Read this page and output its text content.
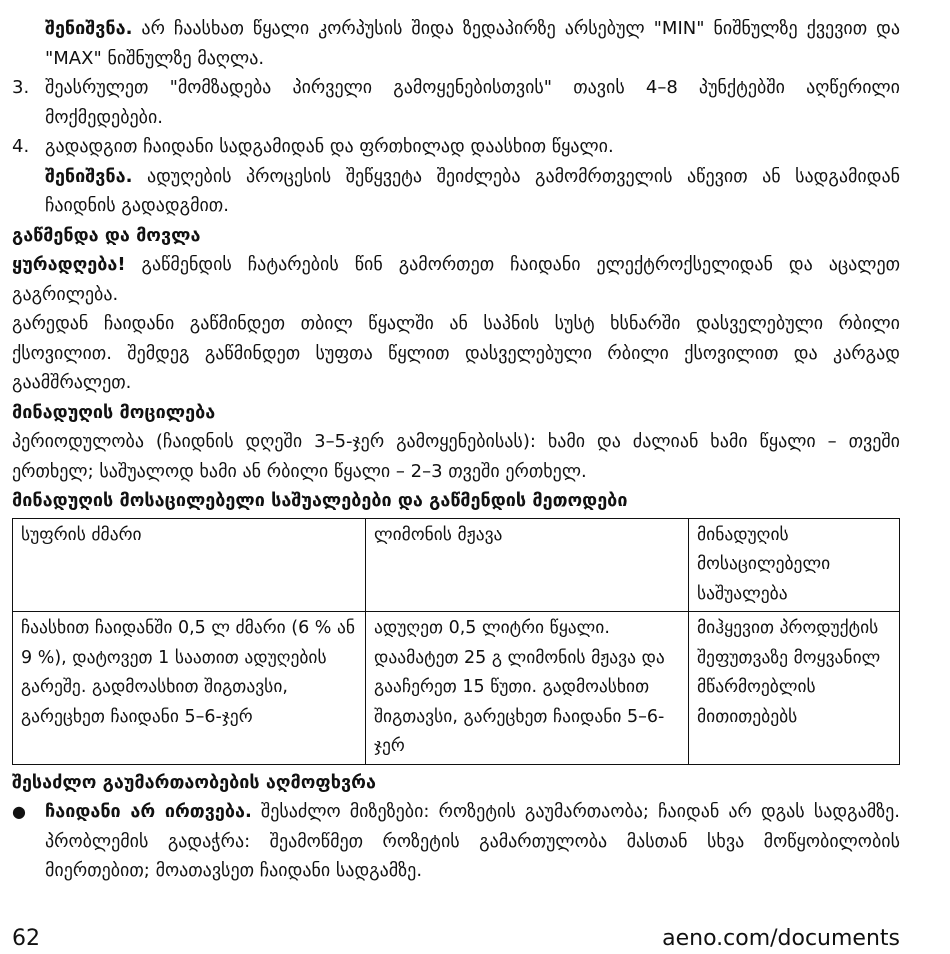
შენიშვნა. არ ჩაასხათ წყალი კორპუსის შიდა ზედაპირზე არსებულ "MIN" ნიშნულზე ქვევით და "MAX" ნიშნულზე მაღლა.

3. შეასრულეთ "მომზადება პირველი გამოყენებისთვის" თავის 4–8 პუნქტებში აღწერილი მოქმედებები.
4. გადადგით ჩაიდანი სადგამიდან და ფრთხილად დაასხით წყალი.

შენიშვნა. ადუღების პროცესის შეწყვეტა შეიძლება გამომრთველის აწევით ან სადგამიდან ჩაიდნის გადადგმით.

გაწმენდა და მოვლა

ყურადღება! გაწმენდის ჩატარების წინ გამორთეთ ჩაიდანი ელექტროქსელიდან და აცალეთ გაგრილება.

გარედან ჩაიდანი გაწმინდეთ თბილ წყალში ან საპნის სუსტ ხსნარში დასველებული რბილი ქსოვილით. შემდეგ გაწმინდეთ სუფთა წყლით დასველებული რბილი ქსოვილით და კარგად გაამშრალეთ.

მინადუღის მოცილება

პერიოდულობა (ჩაიდნის დღეში 3–5-ჯერ გამოყენებისას): ხამი და ძალიან ხამი წყალი – თვეში ერთხელ; საშუალოდ ხამი ან რბილი წყალი – 2–3 თვეში ერთხელ.

მინადუღის მოსაცილებელი საშუალებები და გაწმენდის მეთოდები
სუფრის ძმარი	ლიმონის მჟავა	მინადუღის მოსაცილებელი საშუალება
ჩაასხით ჩაიდანში 0,5 ლ ძმარი (6 % ან 9 %), დატოვეთ 1 საათით ადუღების გარეშე. გადმოასხით შიგთავსი, გარეცხეთ ჩაიდანი 5–6-ჯერ	ადუღეთ 0,5 ლიტრი წყალი. დაამატეთ 25 გ ლიმონის მჟავა და გააჩერეთ 15 წუთი. გადმოასხით შიგთავსი, გარეცხეთ ჩაიდანი 5–6-ჯერ	მიჰყევით პროდუქტის შეფუთვაზე მოყვანილ მწარმოებლის მითითებებს
შესაძლო გაუმართაობების აღმოფხვრა
●	ჩაიდანი არ ირთვება. შესაძლო მიზეზები: როზეტის გაუმართაობა; ჩაიდან არ დგას სადგამზე. პრობლემის გადაჭრა: შეამოწმეთ როზეტის გამართულობა მასთან სხვა მოწყობილობის მიერთებით; მოათავსეთ ჩაიდანი სადგამზე.
62	aeno.com/documents
